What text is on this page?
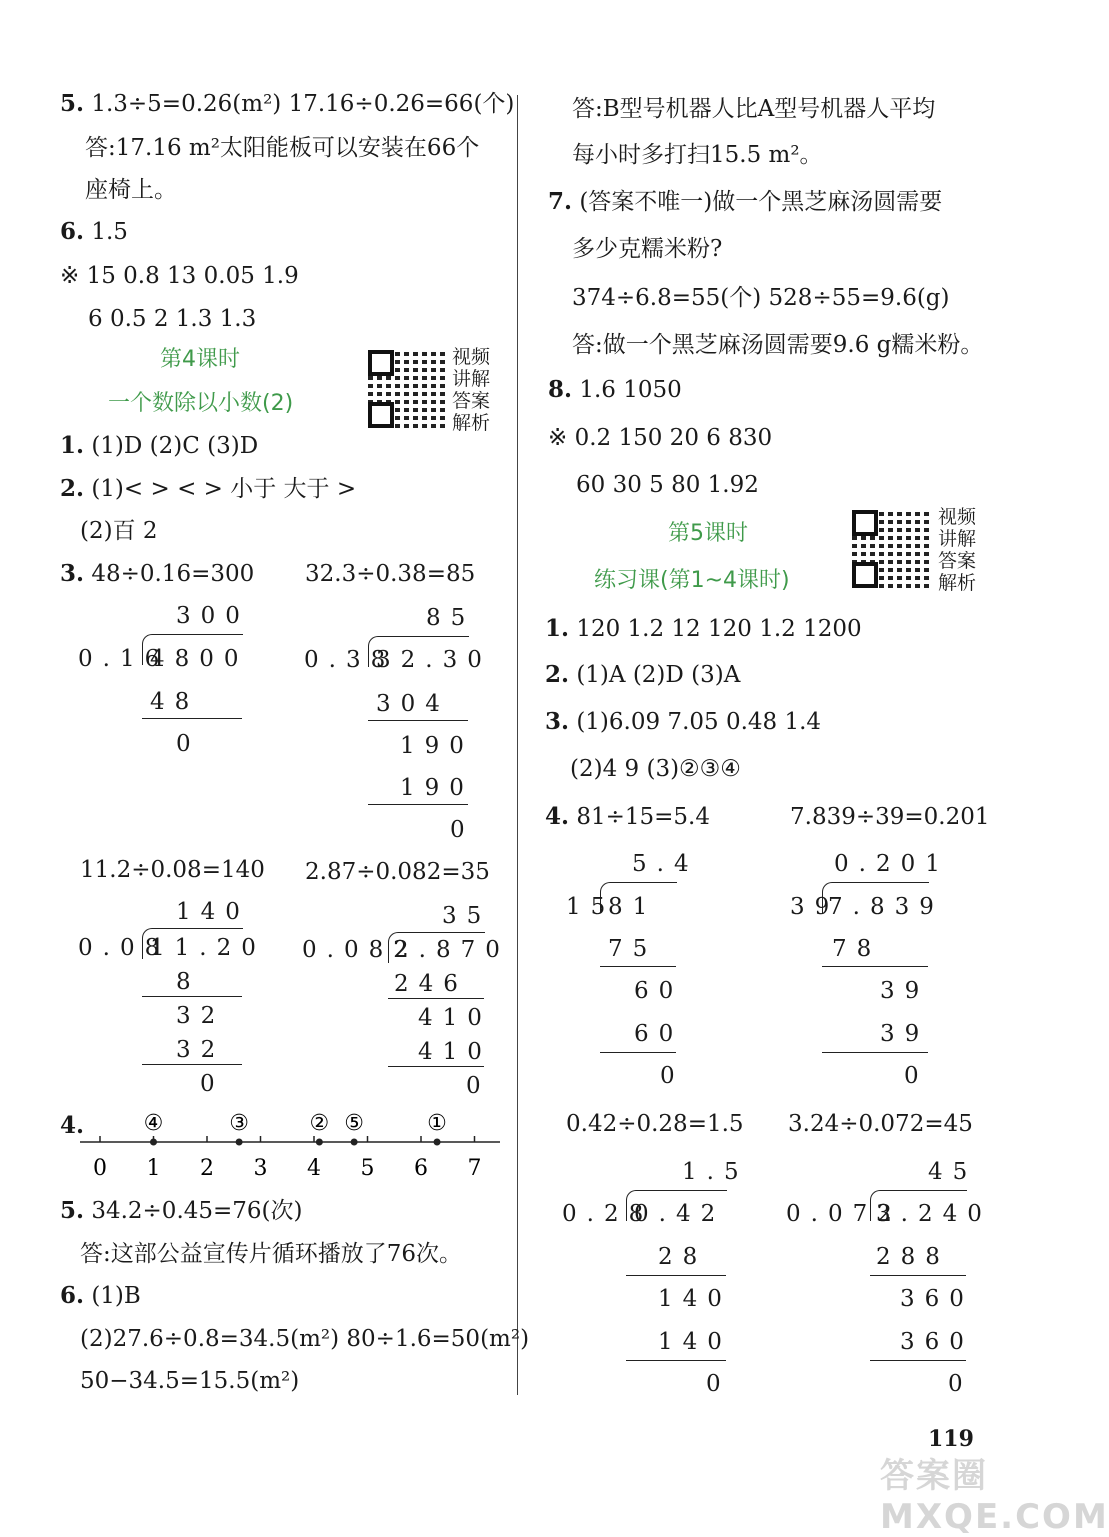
5. 1.3÷5=0.26(m²) 17.16÷0.26=66(个)
答:17.16 m²太阳能板可以安装在66个
座椅上。
6. 1.5
※ 15 0.8 13 0.05 1.9
6 0.5 2 1.3 1.3
第4课时
一个数除以小数(2)
视频讲解答案解析
1. (1)D (2)C (3)D
2. (1)< > < > 小于 大于 >
(2)百 2
3. 48÷0.16=300 32.3÷0.38=85
300
0.16
4800
48
0
85
0.38
32.30
304
190
190
0
11.2÷0.08=140 2.87÷0.082=35
140
0.08
11.20
8
32
32
0
35
0.082
2.870
246
410
410
0
4.
0 1 2 3 4 5 6 7
④	③	② ⑤	①
5. 34.2÷0.45=76(次)
答:这部公益宣传片循环播放了76次。
6. (1)B
(2)27.6÷0.8=34.5(m²) 80÷1.6=50(m²)
50−34.5=15.5(m²)
答:B型号机器人比A型号机器人平均
每小时多打扫15.5 m²。
7. (答案不唯一)做一个黑芝麻汤圆需要
多少克糯米粉?
374÷6.8=55(个) 528÷55=9.6(g)
答:做一个黑芝麻汤圆需要9.6 g糯米粉。
8. 1.6 1050
※ 0.2 150 20 6 830
60 30 5 80 1.92
第5课时
练习课(第1~4课时)
视频讲解答案解析
1. 120 1.2 12 120 1.2 1200
2. (1)A (2)D (3)A
3. (1)6.09 7.05 0.48 1.4
(2)4 9 (3)②③④
4. 81÷15=5.4	7.839÷39=0.201
5.4
15
81
75
60
60
0
0.201
39
7.839
78
39
39
0
0.42÷0.28=1.5 3.24÷0.072=45
1.5
0.28
0.42
28
140
140
0
45
0.072
3.240
288
360
360
0
119
答案圈 MXQE.COM
